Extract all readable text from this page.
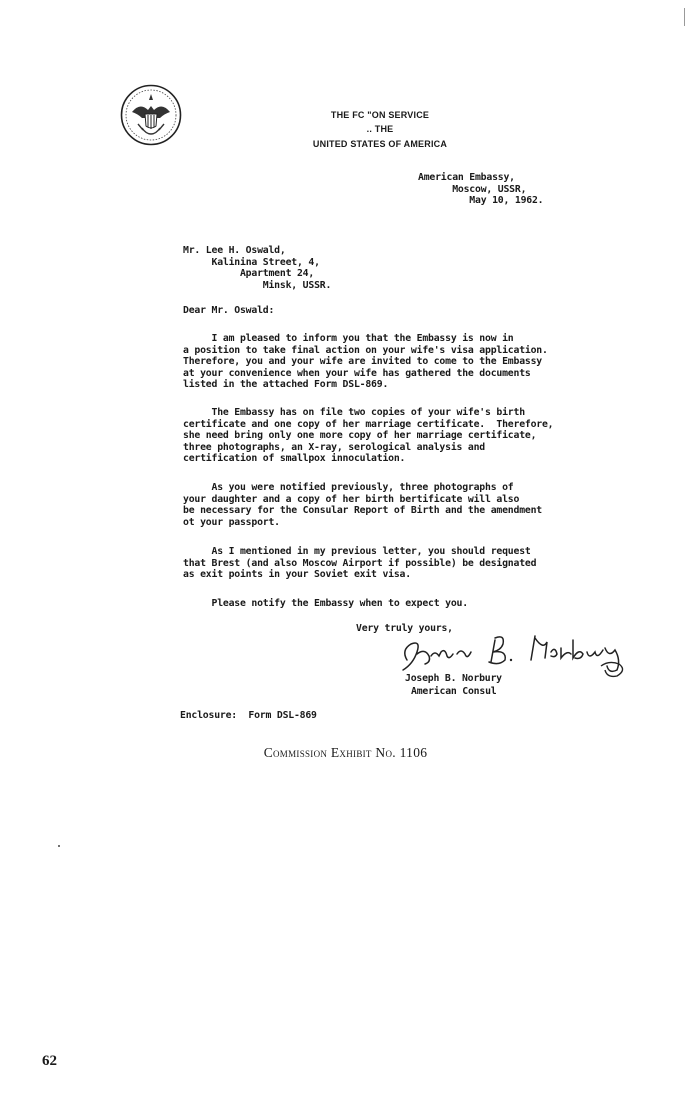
THE FC "ON SERVICE
.. THE
UNITED STATES OF AMERICA
American Embassy,
Moscow, USSR,
May 10, 1962.
Mr. Lee H. Oswald,
Kalinina Street, 4,
Apartment 24,
Minsk, USSR.
Dear Mr. Oswald:
I am pleased to inform you that the Embassy is now in
a position to take final action on your wife's visa application.
Therefore, you and your wife are invited to come to the Embassy
at your convenience when your wife has gathered the documents
listed in the attached Form DSL-869.
The Embassy has on file two copies of your wife's birth
certificate and one copy of her marriage certificate.  Therefore,
she need bring only one more copy of her marriage certificate,
three photographs, an X-ray, serological analysis and
certification of smallpox innoculation.
As you were notified previously, three photographs of
your daughter and a copy of her birth bertificate will also
be necessary for the Consular Report of Birth and the amendment
ot your passport.
As I mentioned in my previous letter, you should request
that Brest (and also Moscow Airport if possible) be designated
as exit points in your Soviet exit visa.
Please notify the Embassy when to expect you.
Very truly yours,
Joseph B. Norbury
American Consul
Enclosure:  Form DSL-869
Commission Exhibit No. 1106
62
